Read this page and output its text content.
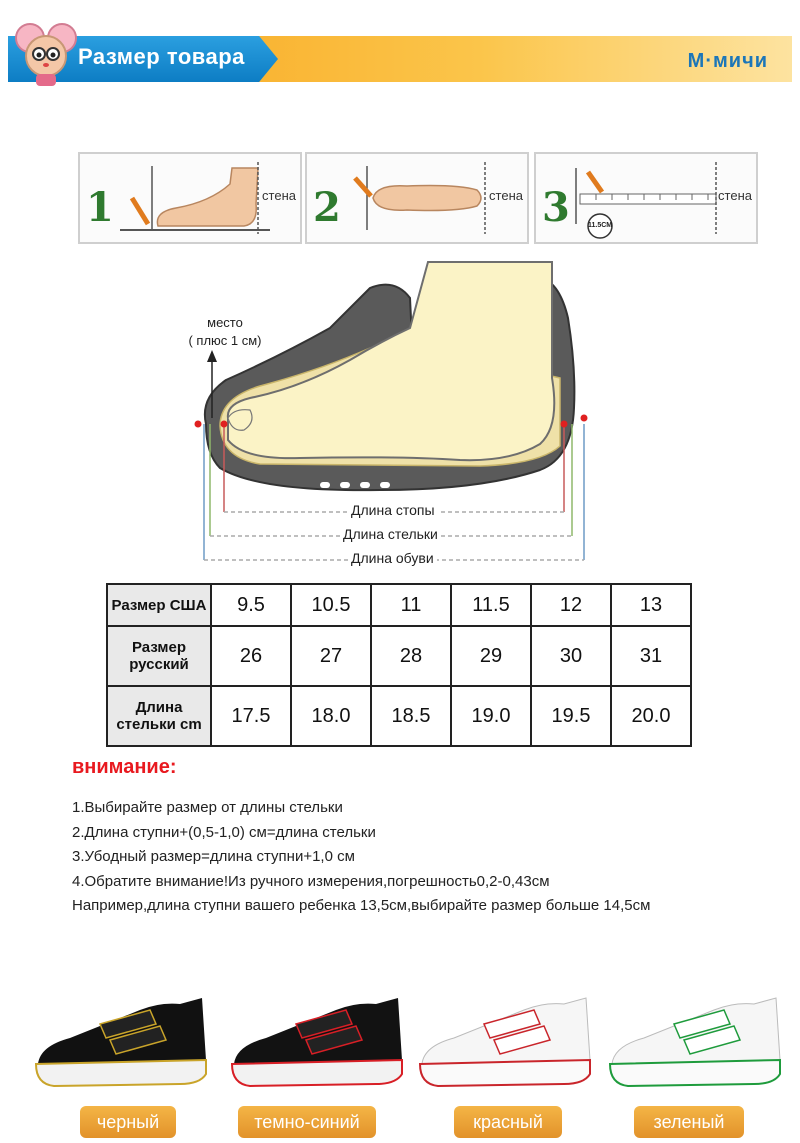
Размер товара	M·мичи
1	стена 2	стена 3	стена
11.5CM
место
( плюс 1 см)
Длина стопы
Длина стельки
Длина обуви
Размер США	9.5	10.5	11	11.5	12	13
Размер русский	26	27	28	29	30	31
Длина стельки cm	17.5	18.0	18.5	19.0	19.5	20.0
внимание:
1.Выбирайте размер от длины стельки
2.Длина ступни+(0,5-1,0) см=длина стельки
3.Убодный размер=длина ступни+1,0 см
4.Обратите внимание!Из ручного измерения,погрешность0,2-0,43см
Например,длина ступни вашего ребенка 13,5cм,выбирайте размер больше 14,5cм
черный	темно-синий	красный	зеленый
